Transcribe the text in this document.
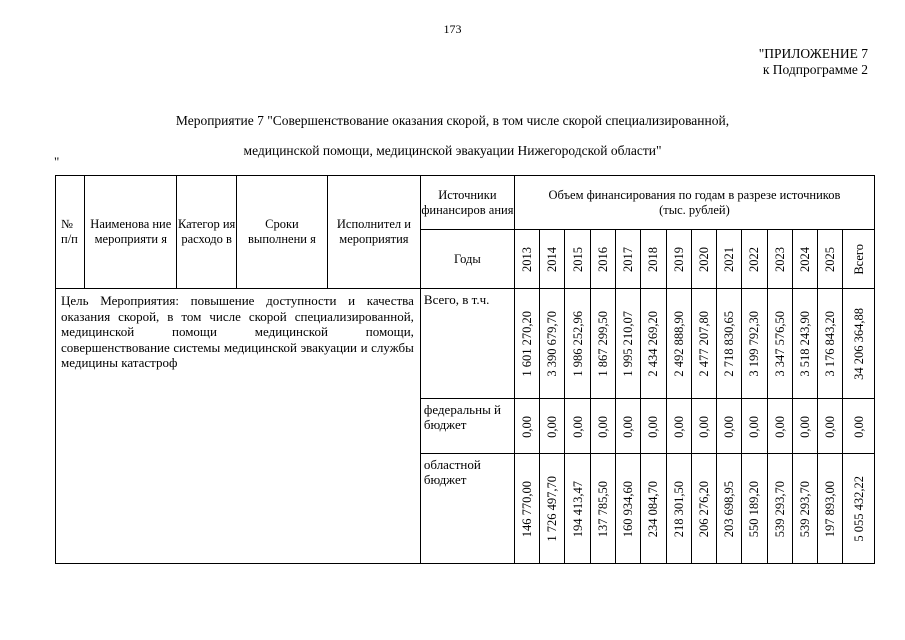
173
"ПРИЛОЖЕНИЕ 7
к Подпрограмме 2
Мероприятие 7 "Совершенствование оказания скорой, в том числе скорой специализированной,
медицинской помощи, медицинской эвакуации Нижегородской области"
"
№ п/п	Наименова ние мероприяти я	Категор ия расходо в	Сроки выполнени я	Исполнител и мероприятия	Источники финансиров ания	Объем финансирования по годам в разрезе источников (тыс. рублей)													
					Годы	2013	2014	2015	2016	2017	2018	2019	2020	2021	2022	2023	2024	2025	Всего

Цель Мероприятия: повышение доступности и качества оказания скорой, в том числе скорой специализированной, медицинской помощи медицинской помощи, совершенствование системы медицинской эвакуации и службы медицины катастроф					Всего, в т.ч.	1 601 270,20	3 390 679,70	1 986 252,96	1 867 299,50	1 995 210,07	2 434 269,20	2 492 888,90	2 477 207,80	2 718 830,65	3 199 792,30	3 347 576,50	3 518 243,90	3 176 843,20	34 206 364,88

					федеральны й бюджет	0,00	0,00	0,00	0,00	0,00	0,00	0,00	0,00	0,00	0,00	0,00	0,00	0,00	0,00

					областной бюджет	146 770,00	1 726 497,70	194 413,47	137 785,50	160 934,60	234 084,70	218 301,50	206 276,20	203 698,95	550 189,20	539 293,70	539 293,70	197 893,00	5 055 432,22
